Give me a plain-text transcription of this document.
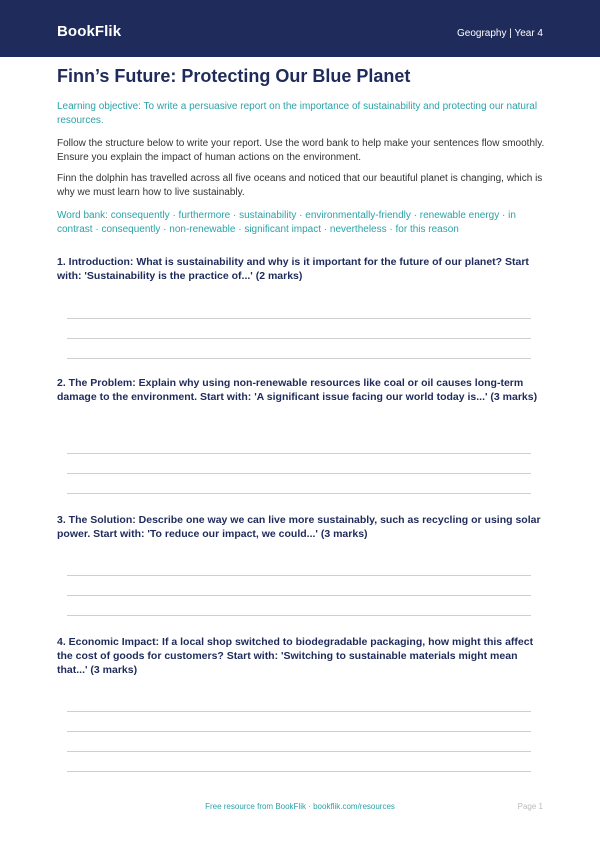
BookFlik	Geography | Year 4
Finn’s Future: Protecting Our Blue Planet

Learning objective: To write a persuasive report on the importance of sustainability and protecting our natural resources.

Follow the structure below to write your report. Use the word bank to help make your sentences flow smoothly. Ensure you explain the impact of human actions on the environment.

Finn the dolphin has travelled across all five oceans and noticed that our beautiful planet is changing, which is why we must learn how to live sustainably.

Word bank: consequently · furthermore · sustainability · environmentally-friendly · renewable energy · in contrast · consequently · non-renewable · significant impact · nevertheless · for this reason

1. Introduction: What is sustainability and why is it important for the future of our planet? Start with: 'Sustainability is the practice of...' (2 marks)

2. The Problem: Explain why using non-renewable resources like coal or oil causes long-term damage to the environment. Start with: 'A significant issue facing our world today is...' (3 marks)

3. The Solution: Describe one way we can live more sustainably, such as recycling or using solar power. Start with: 'To reduce our impact, we could...' (3 marks)

4. Economic Impact: If a local shop switched to biodegradable packaging, how might this affect the cost of goods for customers? Start with: 'Switching to sustainable materials might mean that...' (3 marks)

Free resource from BookFlik · bookflik.com/resources	Page 1
